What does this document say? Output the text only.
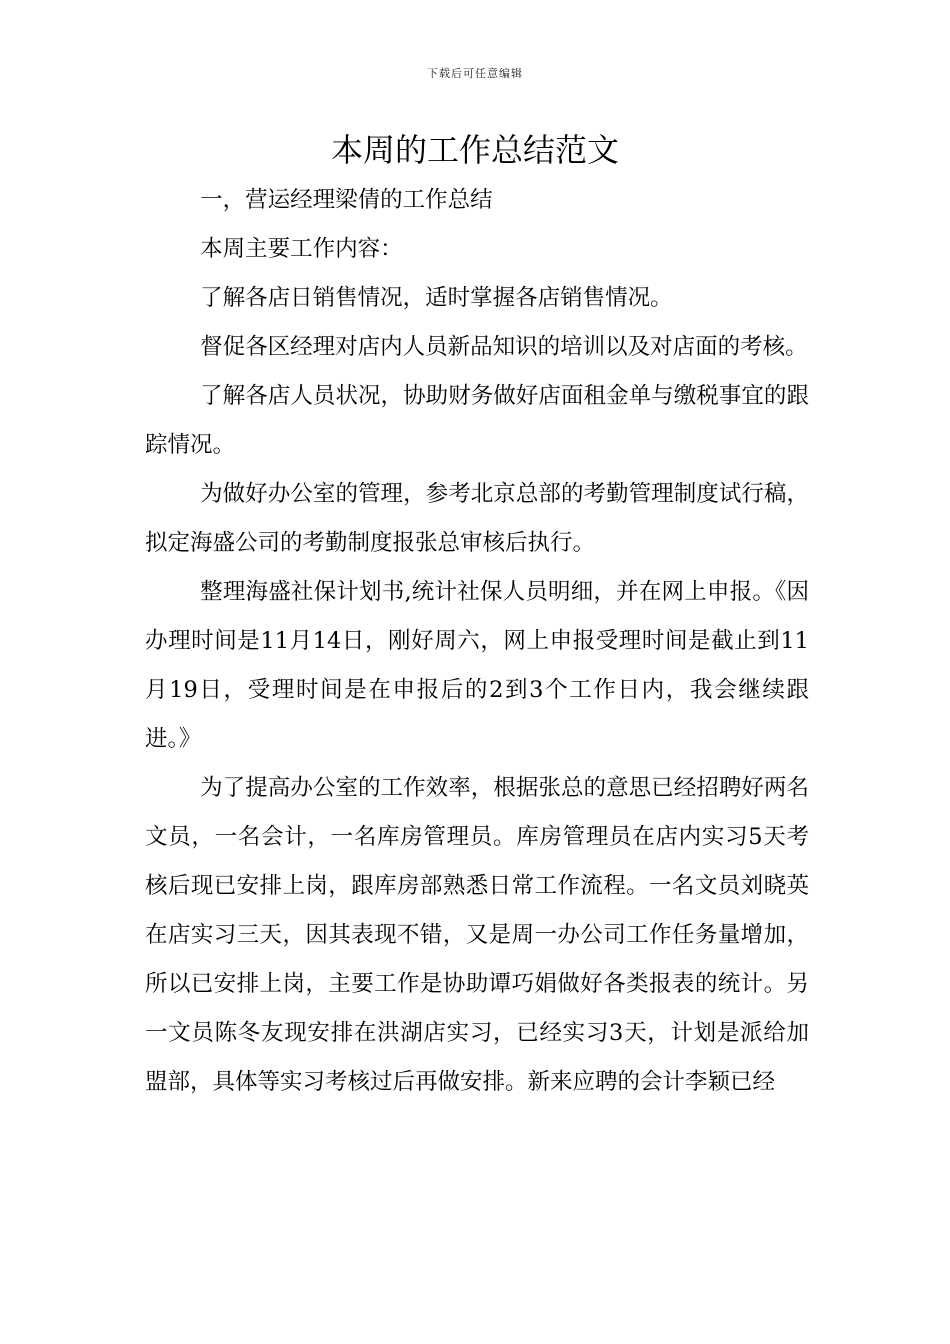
下载后可任意编辑
本周的工作总结范文

一，营运经理梁倩的工作总结

本周主要工作内容：

了解各店日销售情况，适时掌握各店销售情况。

督促各区经理对店内人员新品知识的培训以及对店面的考核。

了解各店人员状况，协助财务做好店面租金单与缴税事宜的跟踪情况。

为做好办公室的管理，参考北京总部的考勤管理制度试行稿，拟定海盛公司的考勤制度报张总审核后执行。

整理海盛社保计划书,统计社保人员明细，并在网上申报。《因办理时间是11月14日，刚好周六，网上申报受理时间是截止到11月19日，受理时间是在申报后的2到3个工作日内，我会继续跟进。》

为了提高办公室的工作效率，根据张总的意思已经招聘好两名文员，一名会计，一名库房管理员。库房管理员在店内实习5天考核后现已安排上岗，跟库房部熟悉日常工作流程。一名文员刘晓英在店实习三天，因其表现不错，又是周一办公司工作任务量增加，所以已安排上岗，主要工作是协助谭巧娟做好各类报表的统计。另一文员陈冬友现安排在洪湖店实习，已经实习3天，计划是派给加盟部，具体等实习考核过后再做安排。新来应聘的会计李颖已经
